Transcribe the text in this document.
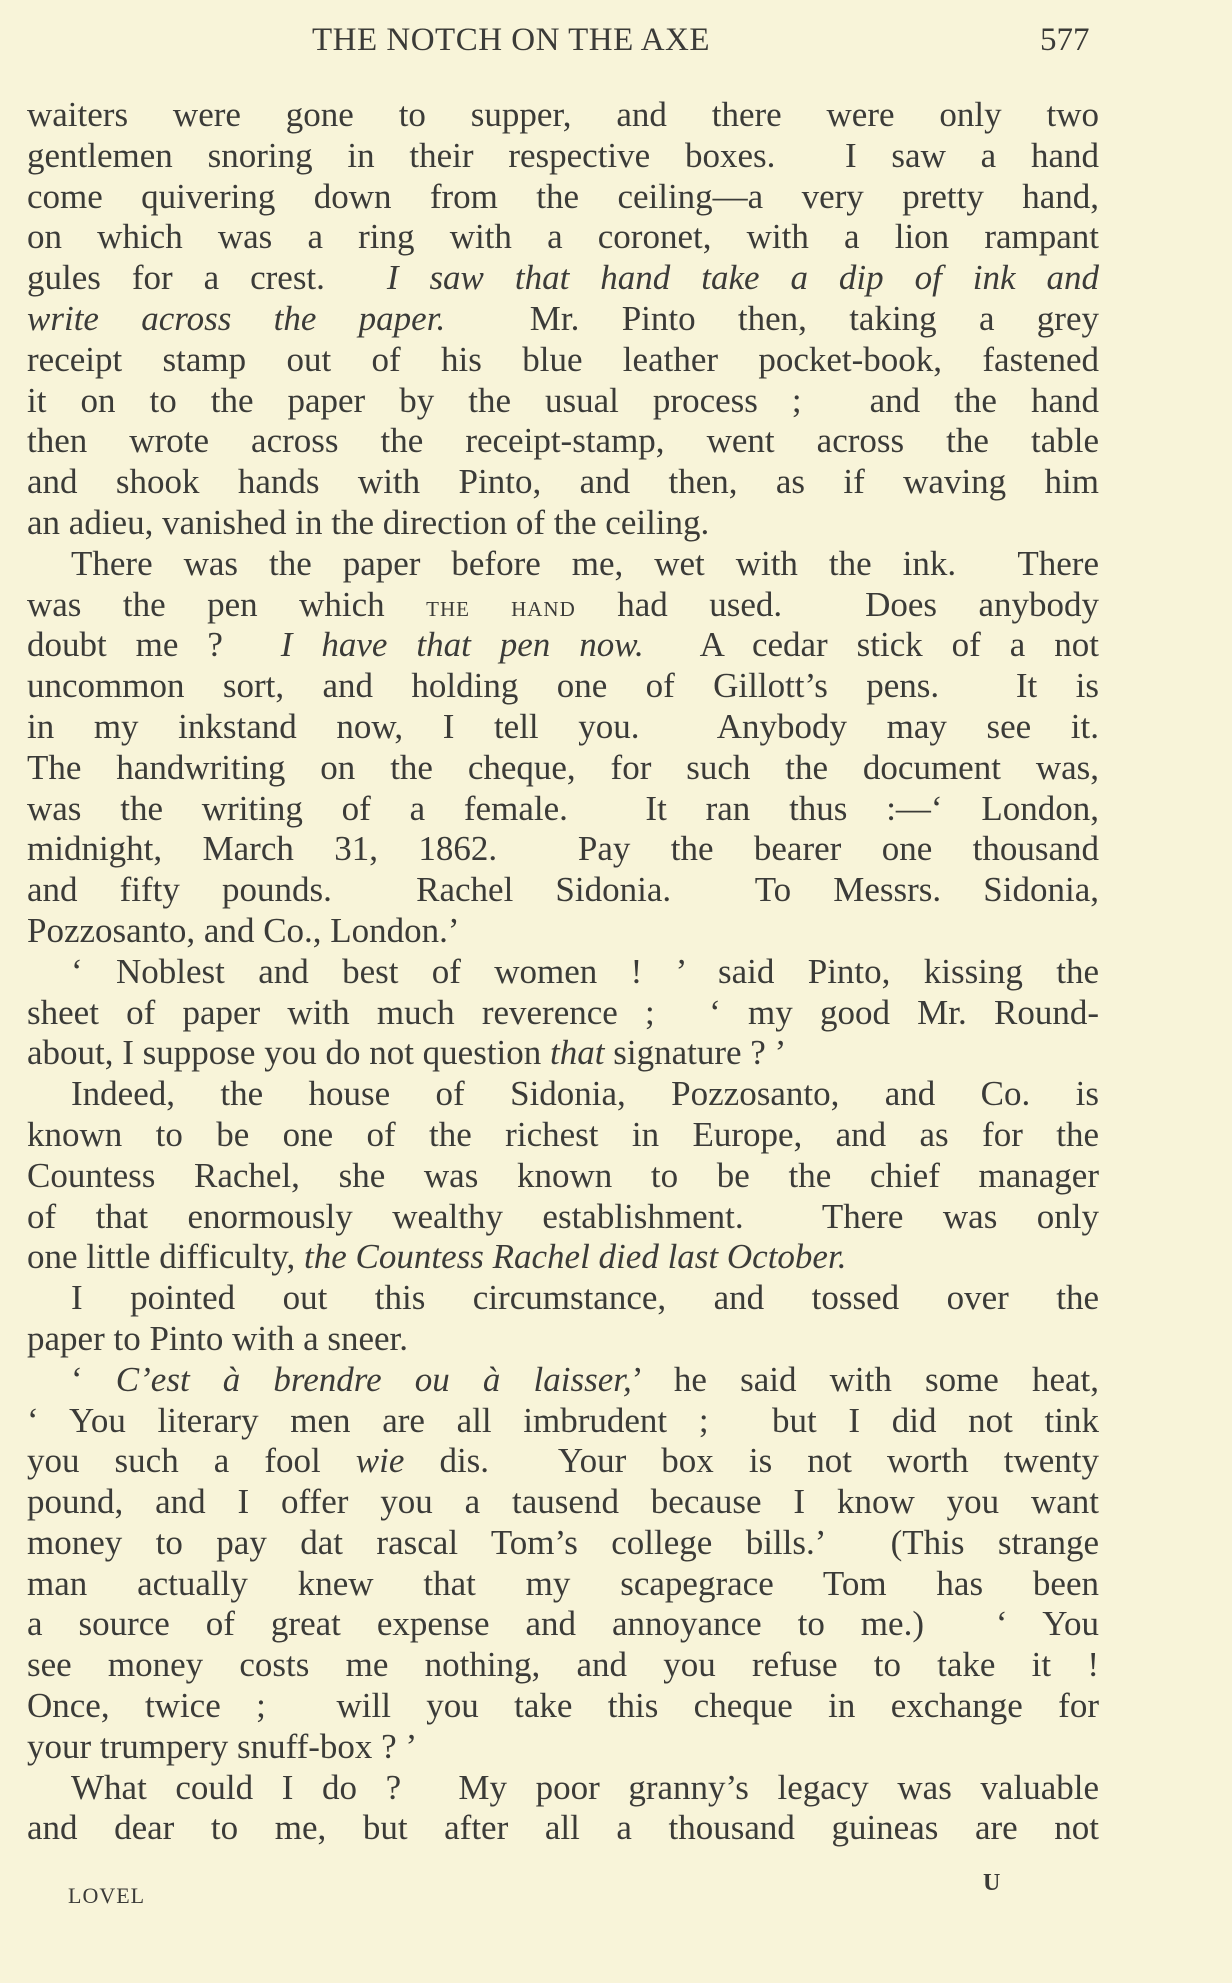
THE NOTCH ON THE AXE	577
waiters were gone to supper, and there were only two
gentlemen snoring in their respective boxes.  I saw a hand
come quivering down from the ceiling—a very pretty hand,
on which was a ring with a coronet, with a lion rampant
gules for a crest.  I saw that hand take a dip of ink and
write across the paper.  Mr. Pinto then, taking a grey
receipt stamp out of his blue leather pocket-book, fastened
it on to the paper by the usual process ;  and the hand
then wrote across the receipt-stamp, went across the table
and shook hands with Pinto, and then, as if waving him
an adieu, vanished in the direction of the ceiling.
There was the paper before me, wet with the ink.  There
was the pen which the hand had used.  Does anybody
doubt me ?  I have that pen now.  A cedar stick of a not
uncommon sort, and holding one of Gillott’s pens.  It is
in my inkstand now, I tell you.  Anybody may see it.
The handwriting on the cheque, for such the document was,
was the writing of a female.  It ran thus :—‘ London,
midnight, March 31, 1862.  Pay the bearer one thousand
and fifty pounds.  Rachel Sidonia.  To Messrs. Sidonia,
Pozzosanto, and Co., London.’
‘ Noblest and best of women ! ’ said Pinto, kissing the
sheet of paper with much reverence ;  ‘ my good Mr. Round-
about, I suppose you do not question that signature ? ’
Indeed, the house of Sidonia, Pozzosanto, and Co. is
known to be one of the richest in Europe, and as for the
Countess Rachel, she was known to be the chief manager
of that enormously wealthy establishment.  There was only
one little difficulty, the Countess Rachel died last October.
I pointed out this circumstance, and tossed over the
paper to Pinto with a sneer.
‘ C’est à brendre ou à laisser,’ he said with some heat,
‘ You literary men are all imbrudent ;  but I did not tink
you such a fool wie dis.  Your box is not worth twenty
pound, and I offer you a tausend because I know you want
money to pay dat rascal Tom’s college bills.’  (This strange
man actually knew that my scapegrace Tom has been
a source of great expense and annoyance to me.)  ‘ You
see money costs me nothing, and you refuse to take it !
Once, twice ;  will you take this cheque in exchange for
your trumpery snuff-box ? ’
What could I do ?  My poor granny’s legacy was valuable
and dear to me, but after all a thousand guineas are not
LOVEL	U
